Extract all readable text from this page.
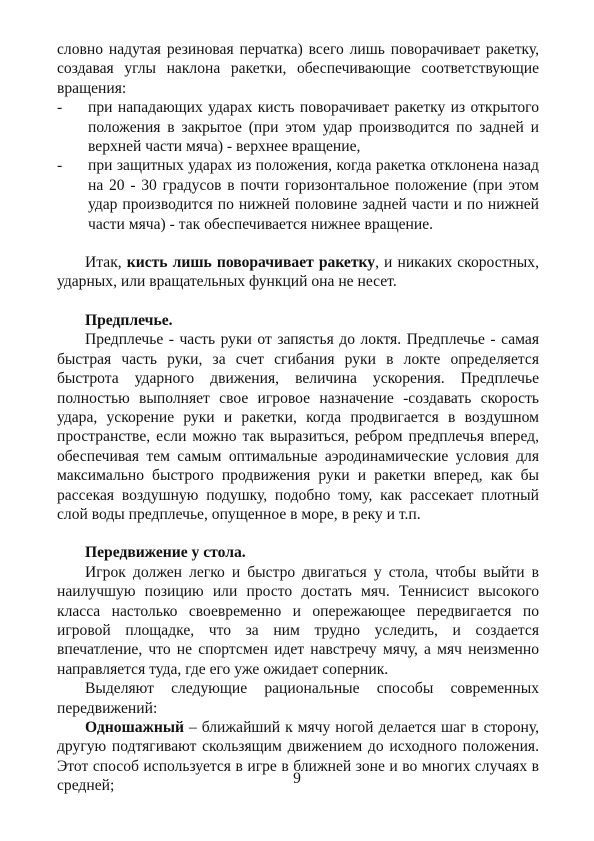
словно надутая резиновая перчатка) всего лишь поворачивает ракетку, создавая углы наклона ракетки, обеспечивающие соответствующие вращения:

- при нападающих ударах кисть поворачивает ракетку из открытого положения в закрытое (при этом удар производится по задней и верхней части мяча) - верхнее вращение,
- при защитных ударах из положения, когда ракетка отклонена назад на 20 - 30 градусов в почти горизонтальное положение (при этом удар производится по нижней половине задней части и по нижней части мяча) - так обеспечивается нижнее вращение.

Итак, кисть лишь поворачивает ракетку, и никаких скоростных, ударных, или вращательных функций она не несет.

Предплечье.

Предплечье - часть руки от запястья до локтя. Предплечье - самая быстрая часть руки, за счет сгибания руки в локте определяется быстрота ударного движения, величина ускорения. Предплечье полностью выполняет свое игровое назначение -создавать скорость удара, ускорение руки и ракетки, когда продвигается в воздушном пространстве, если можно так выразиться, ребром предплечья вперед, обеспечивая тем самым оптимальные аэродинамические условия для максимально быстрого продвижения руки и ракетки вперед, как бы рассекая воздушную подушку, подобно тому, как рассекает плотный слой воды предплечье, опущенное в море, в реку и т.п.

Передвижение у стола.

Игрок должен легко и быстро двигаться у стола, чтобы выйти в наилучшую позицию или просто достать мяч. Теннисист высокого класса настолько своевременно и опережающее передвигается по игровой площадке, что за ним трудно уследить, и создается впечатление, что не спортсмен идет навстречу мячу, а мяч неизменно направляется туда, где его уже ожидает соперник.

Выделяют следующие рациональные способы современных передвижений:

Одношажный – ближайший к мячу ногой делается шаг в сторону, другую подтягивают скользящим движением до исходного положения. Этот способ используется в игре в ближней зоне и во многих случаях в средней;	9
